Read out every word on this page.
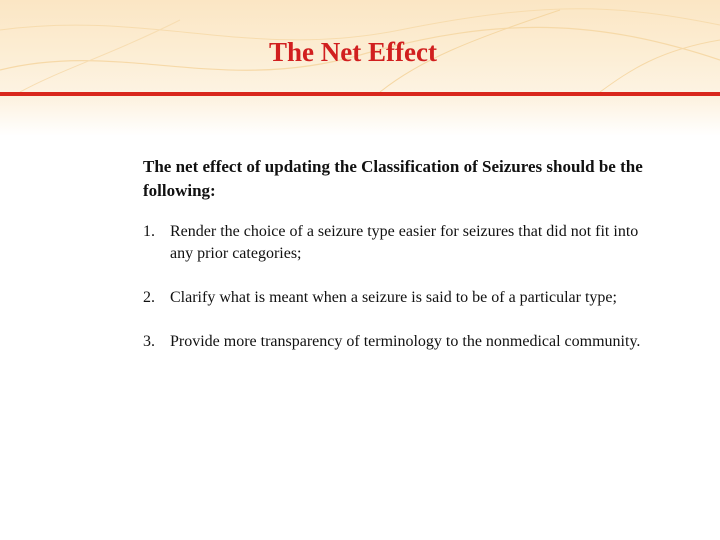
The Net Effect

The net effect of updating the Classification of Seizures should be the following:

1. Render the choice of a seizure type easier for seizures that did not fit into any prior categories;
2. Clarify what is meant when a seizure is said to be of a particular type;
3. Provide more transparency of terminology to the nonmedical community.
